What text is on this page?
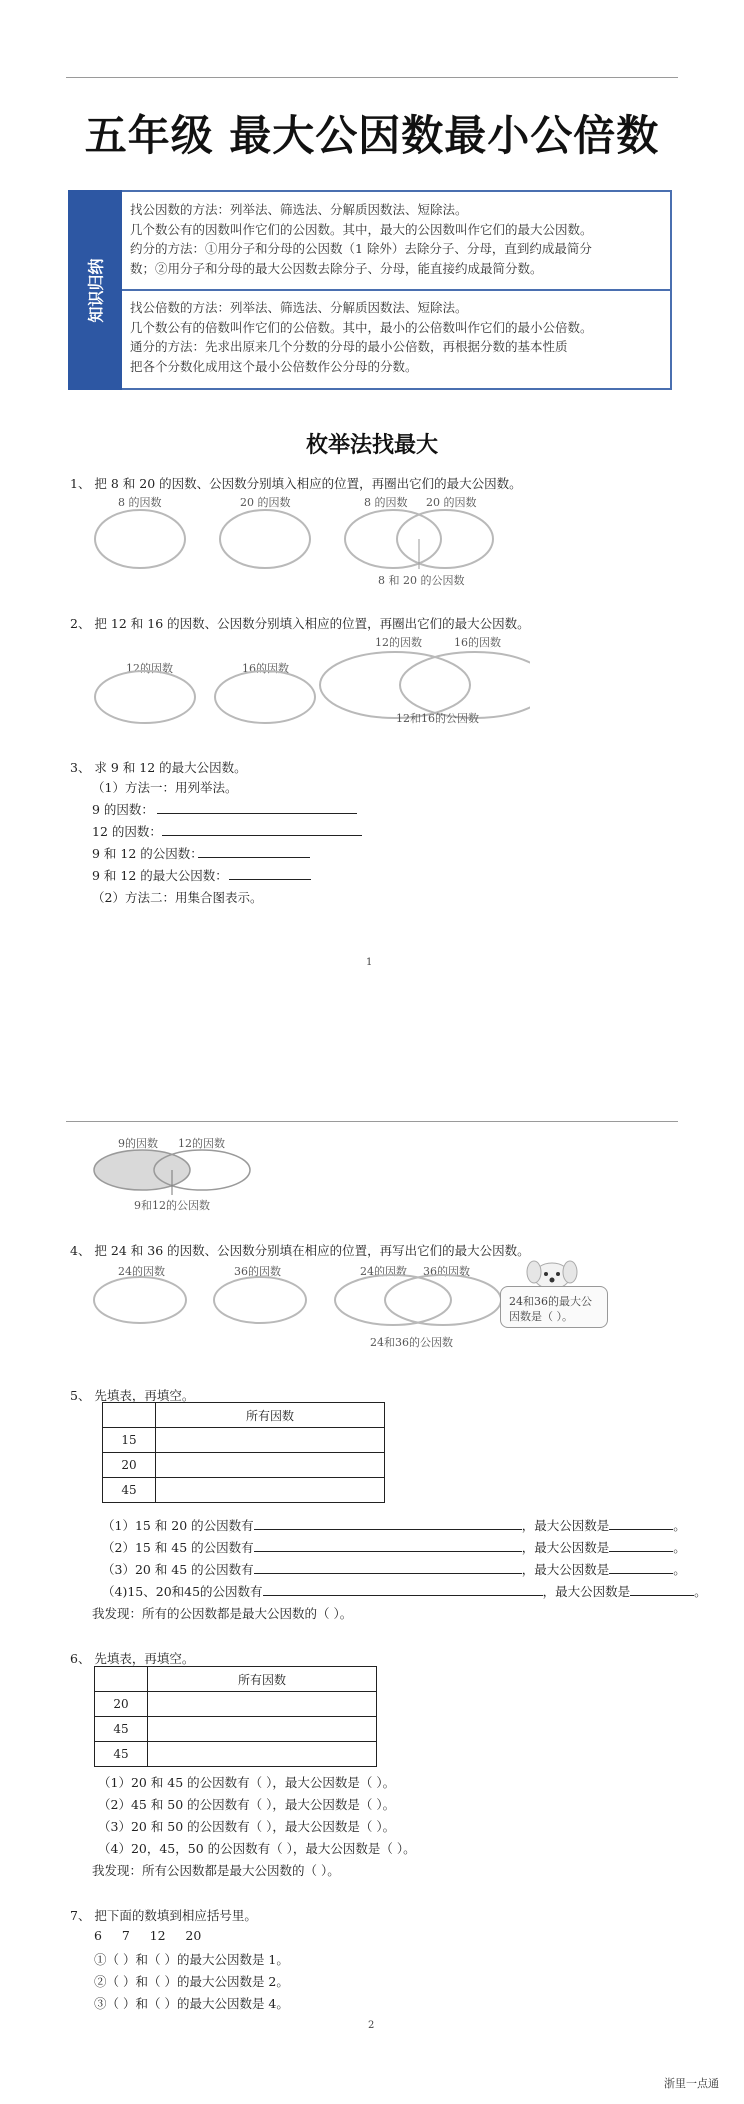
五年级 最大公因数最小公倍数
知识归纳
找公因数的方法：列举法、筛选法、分解质因数法、短除法。
几个数公有的因数叫作它们的公因数。其中，最大的公因数叫作它们的最大公因数。
约分的方法：①用分子和分母的公因数（1 除外）去除分子、分母，直到约成最简分
数；②用分子和分母的最大公因数去除分子、分母，能直接约成最简分数。
找公倍数的方法：列举法、筛选法、分解质因数法、短除法。
几个数公有的倍数叫作它们的公倍数。其中，最小的公倍数叫作它们的最小公倍数。
通分的方法：先求出原来几个分数的分母的最小公倍数，再根据分数的基本性质
把各个分数化成用这个最小公倍数作公分母的分数。
枚举法找最大
1、 把 8 和 20 的因数、公因数分别填入相应的位置，再圈出它们的最大公因数。
8 的因数	20 的因数	8 的因数 20 的因数
8 和 20 的公因数
2、 把 12 和 16 的因数、公因数分别填入相应的位置，再圈出它们的最大公因数。
12的因数	16的因数
12的因数	16的因数
12和16的公因数
3、 求 9 和 12 的最大公因数。
（1）方法一：用列举法。
9 的因数：
12 的因数：
9 和 12 的公因数：
9 和 12 的最大公因数：
（2）方法二：用集合图表示。
1
9的因数 12的因数
9和12的公因数
4、 把 24 和 36 的因数、公因数分别填在相应的位置，再写出它们的最大公因数。
24的因数	36的因数	24的因数 36的因数
24和36的公因数
24和36的最大公
因数是（ ）。
5、 先填表，再填空。
	所有因数
15	
20	
45	
（1）15 和 20 的公因数有	，最大公因数是	。
（2）15 和 45 的公因数有	，最大公因数是	。
（3）20 和 45 的公因数有	，最大公因数是	。
（4)15、20和45的公因数有	，最大公因数是	。
我发现：所有的公因数都是最大公因数的（ ）。
6、 先填表，再填空。
	所有因数
20	
45	
45	
（1）20 和 45 的公因数有（ ），最大公因数是（ ）。
（2）45 和 50 的公因数有（ ），最大公因数是（ ）。
（3）20 和 50 的公因数有（ ），最大公因数是（ ）。
（4）20，45，50 的公因数有（ ），最大公因数是（ ）。
我发现：所有公因数都是最大公因数的（ ）。
7、 把下面的数填到相应括号里。
6     7     12     20
①（ ）和（ ）的最大公因数是 1。
②（ ）和（ ）的最大公因数是 2。
③（ ）和（ ）的最大公因数是 4。
2
浙里一点通
